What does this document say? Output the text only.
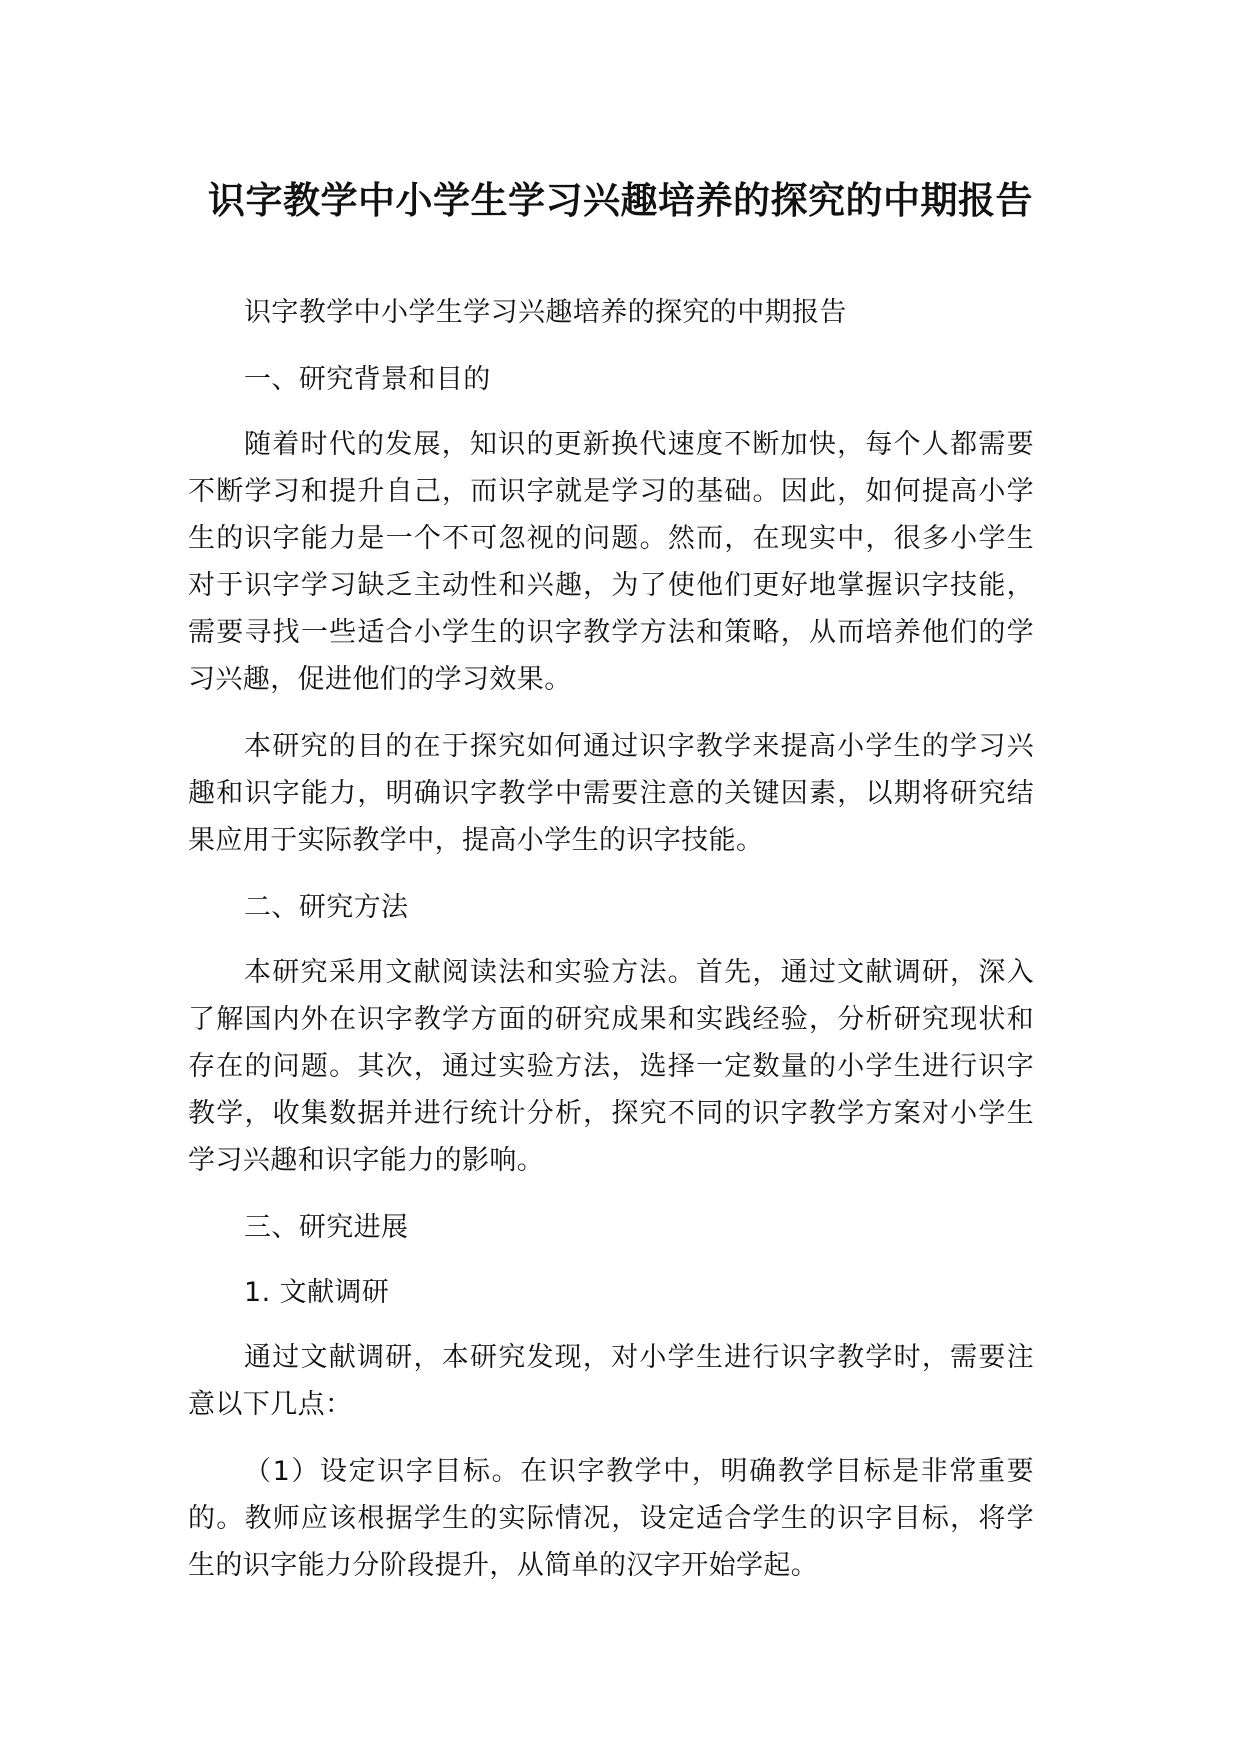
识字教学中小学生学习兴趣培养的探究的中期报告

识字教学中小学生学习兴趣培养的探究的中期报告

一、研究背景和目的

随着时代的发展，知识的更新换代速度不断加快，每个人都需要不断学习和提升自己，而识字就是学习的基础。因此，如何提高小学生的识字能力是一个不可忽视的问题。然而，在现实中，很多小学生对于识字学习缺乏主动性和兴趣，为了使他们更好地掌握识字技能，需要寻找一些适合小学生的识字教学方法和策略，从而培养他们的学习兴趣，促进他们的学习效果。

本研究的目的在于探究如何通过识字教学来提高小学生的学习兴趣和识字能力，明确识字教学中需要注意的关键因素，以期将研究结果应用于实际教学中，提高小学生的识字技能。

二、研究方法

本研究采用文献阅读法和实验方法。首先，通过文献调研，深入了解国内外在识字教学方面的研究成果和实践经验，分析研究现状和存在的问题。其次，通过实验方法，选择一定数量的小学生进行识字教学，收集数据并进行统计分析，探究不同的识字教学方案对小学生学习兴趣和识字能力的影响。

三、研究进展

1. 文献调研

通过文献调研，本研究发现，对小学生进行识字教学时，需要注意以下几点：

（1）设定识字目标。在识字教学中，明确教学目标是非常重要的。教师应该根据学生的实际情况，设定适合学生的识字目标，将学生的识字能力分阶段提升，从简单的汉字开始学起。
